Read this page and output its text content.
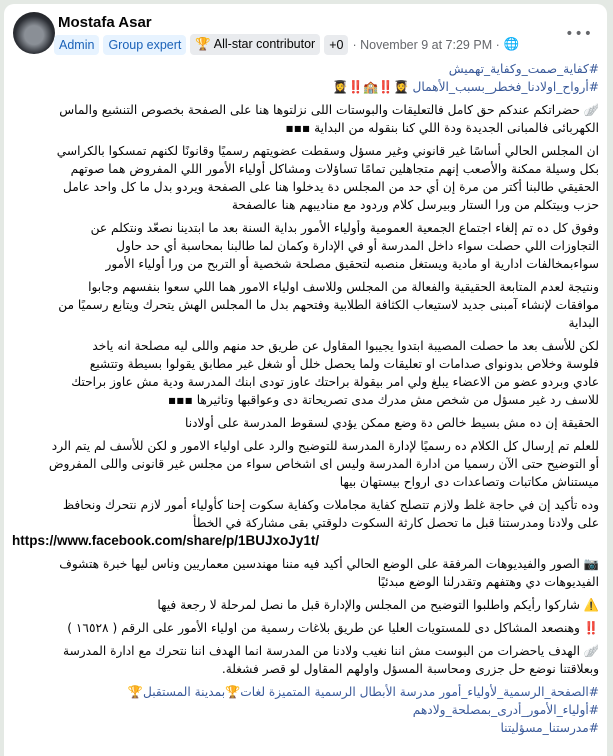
Mostafa Asar
Admin	Group expert	🏆 All-star contributor	+0 · November 9 at 7:29 PM · 🌐
•••
#كفاية_صمت_وكفاية_تهميش
#أرواح_اولادنا_فخطر_بسبب_الأهمال 👩‍🎓‼️🏫‼️👩‍🎓
🪽 حضراتكم عندكم حق كامل فالتعليقات والبوستات اللى نزلتوها هنا على الصفحة بخصوص التنشيع والماس
الكهربائى فالمبانى الجديدة ودة اللي كنا بنقوله من البداية ▪▪▪
ان المجلس الحالي أساسًا غير قانوني وغير مسؤل وسقطت عضويتهم رسميًا وقانونًا لكنهم تمسكوا بالكراسي
بكل وسيلة ممكنة والأصعب إنهم متجاهلين تمامًا تساؤلات ومشاكل أولياء الأمور اللي المفروض هما صوتهم
الحقيقي طالبنا أكتر من مرة إن أي حد من المجلس دة يدخلوا هنا على الصفحة ويردو بدل ما كل واحد عامل
حزب وبيتكلم من ورا الستار وبيرسل كلام وردود مع مناديبهم هنا عالصفحة
وفوق كل ده تم إلغاء اجتماع الجمعية العمومية وأولياء الأمور بداية السنة بعد ما ابتدينا نصعّد ونتكلم عن
التجاوزات اللي حصلت سواء داخل المدرسة أو في الإدارة وكمان لما طالبنا بمحاسبة أي حد حاول
سواءبمخالفات ادارية او مادية ويستغل منصبه لتحقيق مصلحة شخصية أو التربح من ورا أولياء الأمور
ونتيجة لعدم المتابعة الحقيقية والفعالة من المجلس وللاسف اولياء الامور هما اللي سعوا بنفسهم وجابوا
موافقات لإنشاء آمبنى جديد لاستيعاب الكثافة الطلابية وفتحهم بدل ما المجلس الهش يتحرك ويتابع رسميًا من
البداية
لكن للأسف بعد ما حصلت المصيبة ابتدوا يجيبوا المقاول عن طريق حد منهم واللى ليه مصلحة انه ياخد
فلوسة وخلاص بدونواى صدامات او تعليقات ولما يحصل خلل أو شغل غير مطابق يقولوا بسيطة وتتشيع
عادي وبردو عضو من الاعضاء يبلغ ولي امر بيقولة براحتك عاوز تودى ابنك المدرسة ودية مش عاوز براحتك
للاسف رد غير مسؤل من شخص مش مدرك مدى تصريحاتة دى وعواقبها وتاثيرها ▪▪▪
الحقيقة إن ده مش بسيط خالص دة وضع ممكن يؤدي لسقوط المدرسة على أولادنا
للعلم تم إرسال كل الكلام ده رسميًا لإدارة المدرسة للتوضيح والرد على اولياء الامور و لكن للأسف لم يتم الرد
أو التوضيح حتى الآن رسميا من ادارة المدرسة وليس اى اشخاص سواء من مجلس غير قانونى واللى المفروض
ميستناش مكاتبات وتصاعدات دى ارواح بيستهان بيها
وده تأكيد إن في حاجة غلط ولازم تتصلح كفاية مجاملات وكفاية سكوت إحنا كأولياء أمور لازم نتحرك ونحافظ
على ولادنا ومدرستنا قبل ما تحصل كارثة السكوت دلوقتي بقى مشاركة في الخطأ
https://www.facebook.com/share/p/1BUJxoJy1t/
📷 الصور والفيديوهات المرفقة على الوضع الحالي أكيد فيه مننا مهندسين معماريين وناس ليها خبرة هتشوف
الفيديوهات دي وهتفهم وتقدرلنا الوضع مبدئيًا
⚠️ شاركوا رأيكم واطلبوا التوضيح من المجلس والإدارة قبل ما نصل لمرحلة لا رجعة فيها
‼️ وهنصعد المشاكل دى للمستويات العليا عن طريق بلاغات رسمية من اولياء الأمور على الرقم ( ١٦٥٢٨ )
🪽 الهدف ياحضرات من البوست مش اننا نغيب ولادنا من المدرسة انما الهدف اننا نتحرك مع ادارة المدرسة
وبعلاقتنا نوضع حل جزرى ومحاسبة المسؤل واولهم المقاول لو قصر فشغلة.
#الصفحة_الرسمية_لأولياء_أمور مدرسة الأبطال الرسمية المتميزة لغات🏆بمدينة المستقبل🏆
#أولياء_الأمور_أدرى_بمصلحة_ولادهم
#مدرستنا_مسؤليتنا
